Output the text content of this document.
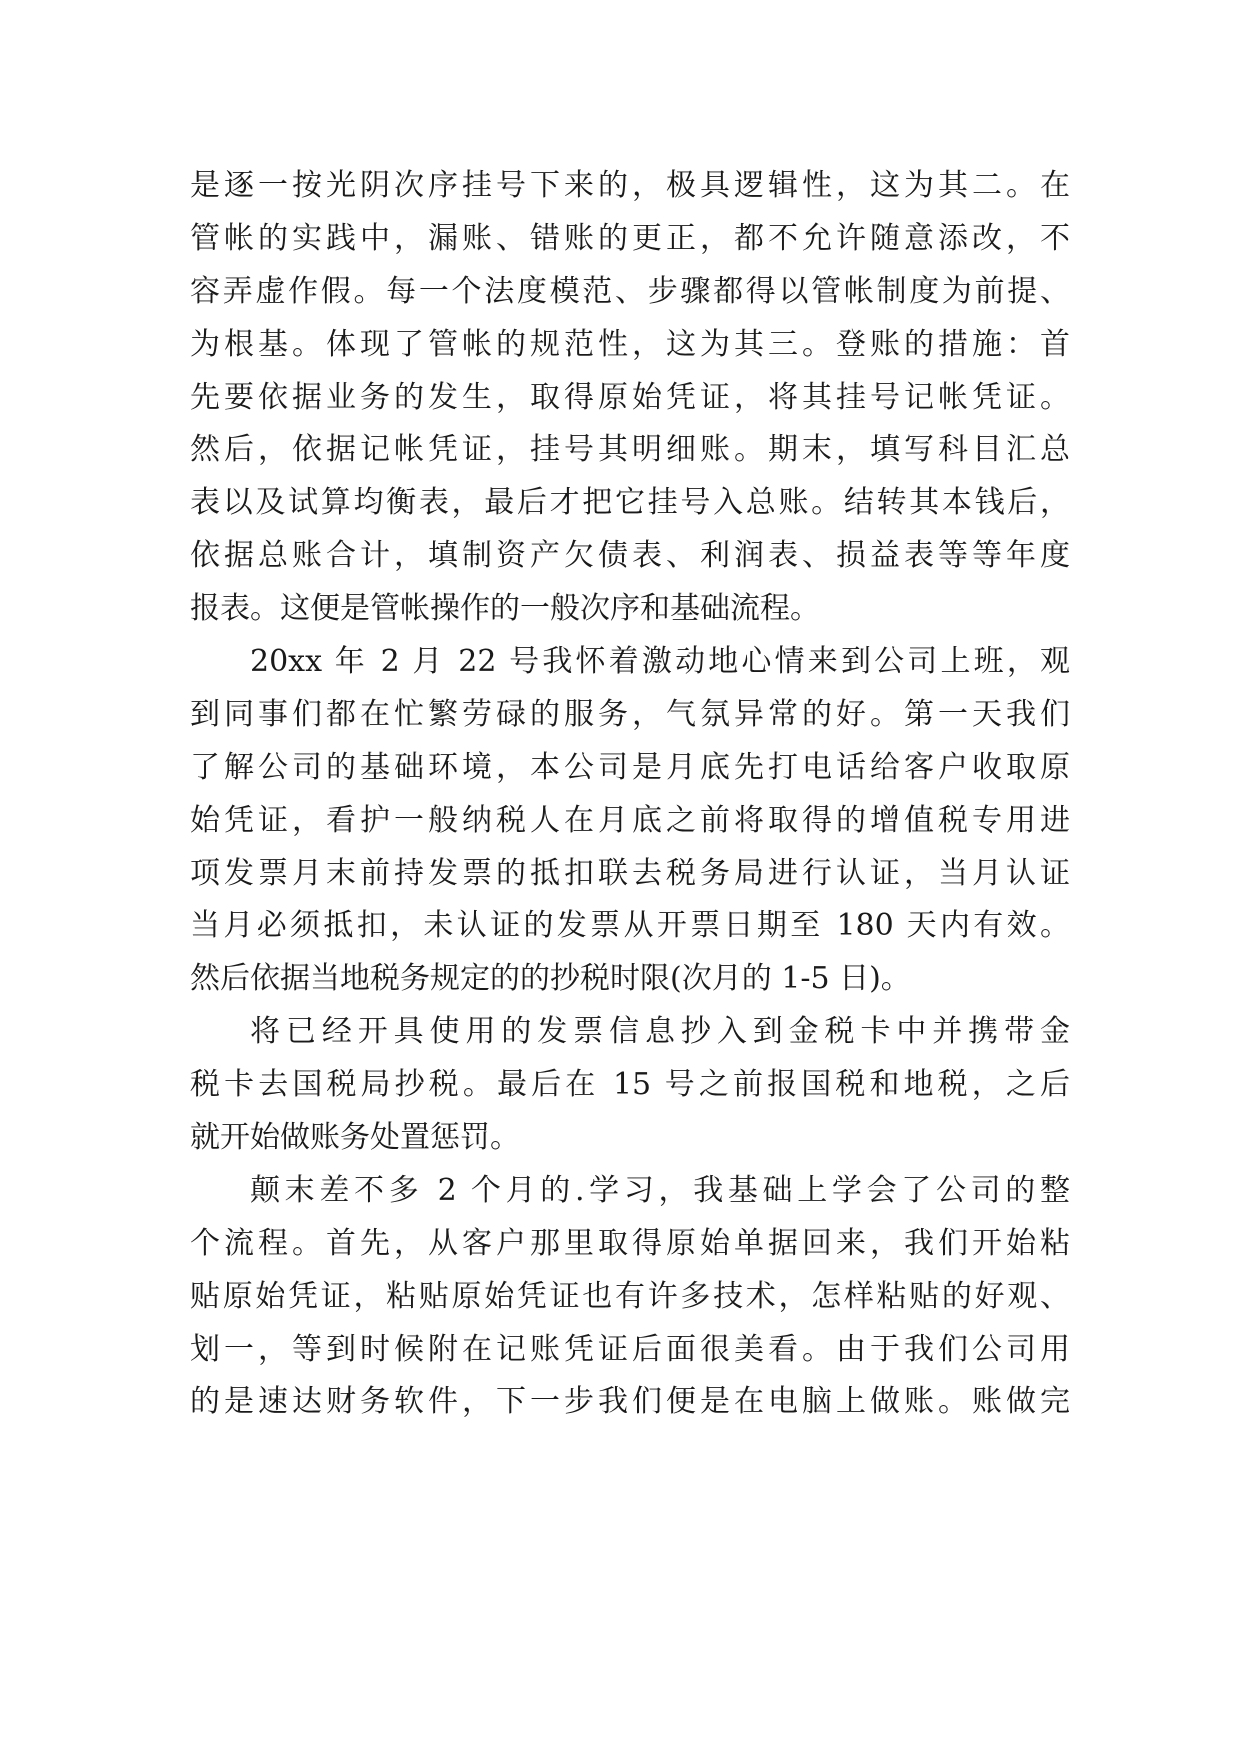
是逐一按光阴次序挂号下来的，极具逻辑性，这为其二。在
管帐的实践中，漏账、错账的更正，都不允许随意添改，不
容弄虚作假。每一个法度模范、步骤都得以管帐制度为前提、
为根基。体现了管帐的规范性，这为其三。登账的措施：首
先要依据业务的发生，取得原始凭证，将其挂号记帐凭证。
然后，依据记帐凭证，挂号其明细账。期末，填写科目汇总
表以及试算均衡表，最后才把它挂号入总账。结转其本钱后，
依据总账合计，填制资产欠债表、利润表、损益表等等年度
报表。这便是管帐操作的一般次序和基础流程。
20xx 年 2 月 22 号我怀着激动地心情来到公司上班，观
到同事们都在忙繁劳碌的服务，气氛异常的好。第一天我们
了解公司的基础环境，本公司是月底先打电话给客户收取原
始凭证，看护一般纳税人在月底之前将取得的增值税专用进
项发票月末前持发票的抵扣联去税务局进行认证，当月认证
当月必须抵扣，未认证的发票从开票日期至 180 天内有效。
然后依据当地税务规定的的抄税时限(次月的 1-5 日)。
将已经开具使用的发票信息抄入到金税卡中并携带金
税卡去国税局抄税。最后在 15 号之前报国税和地税，之后
就开始做账务处置惩罚。
颠末差不多 2 个月的.学习，我基础上学会了公司的整
个流程。首先，从客户那里取得原始单据回来，我们开始粘
贴原始凭证，粘贴原始凭证也有许多技术，怎样粘贴的好观、
划一，等到时候附在记账凭证后面很美看。由于我们公司用
的是速达财务软件，下一步我们便是在电脑上做账。账做完
